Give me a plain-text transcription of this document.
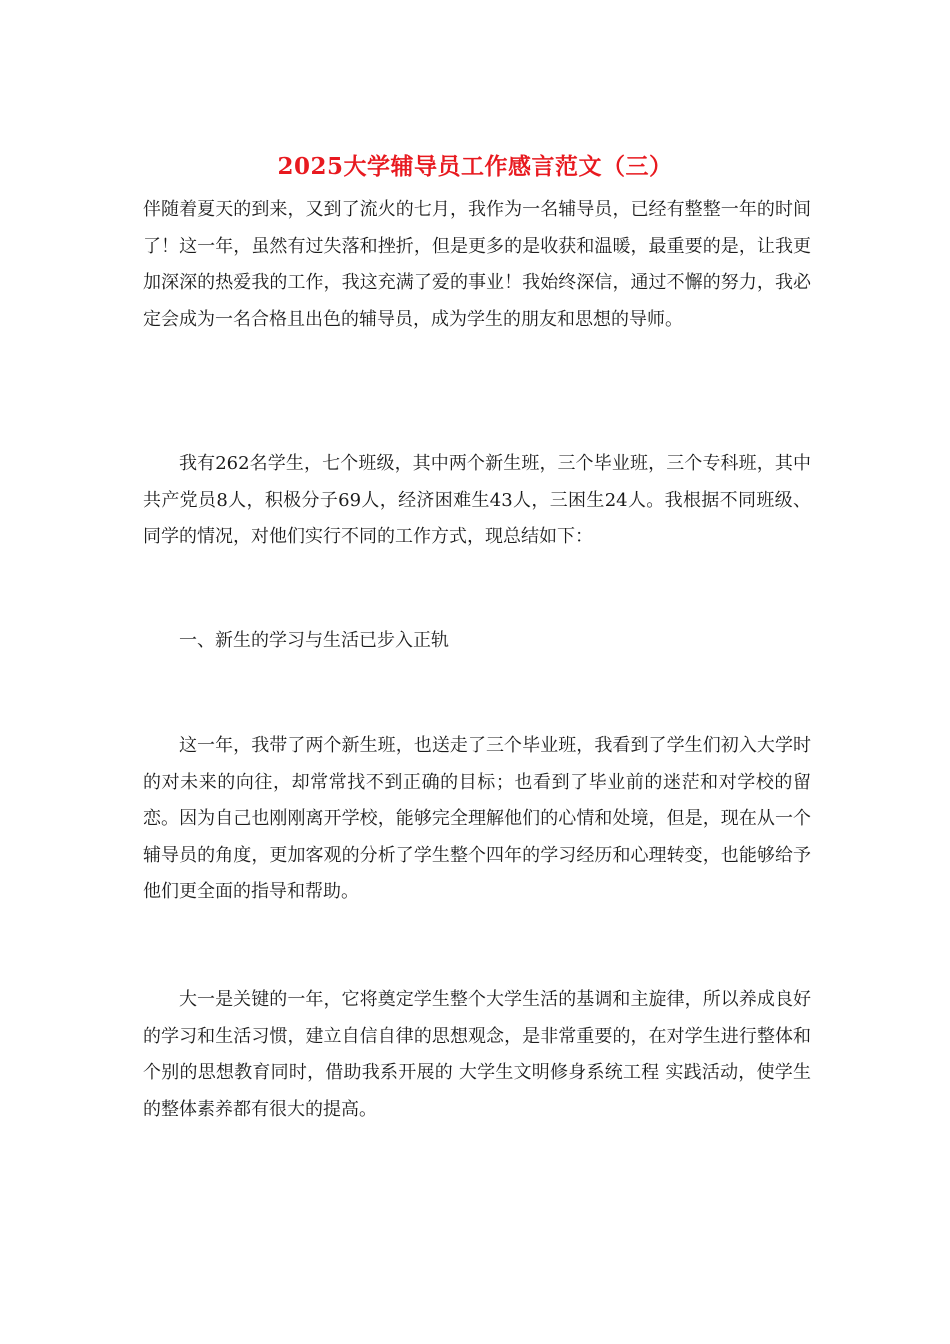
2025大学辅导员工作感言范文（三）

伴随着夏天的到来，又到了流火的七月，我作为一名辅导员，已经有整整一年的时间了！这一年，虽然有过失落和挫折，但是更多的是收获和温暖，最重要的是，让我更加深深的热爱我的工作，我这充满了爱的事业！我始终深信，通过不懈的努力，我必定会成为一名合格且出色的辅导员，成为学生的朋友和思想的导师。

我有262名学生，七个班级，其中两个新生班，三个毕业班，三个专科班，其中共产党员8人，积极分子69人，经济困难生43人，三困生24人。我根据不同班级、同学的情况，对他们实行不同的工作方式，现总结如下：

一、新生的学习与生活已步入正轨

这一年，我带了两个新生班，也送走了三个毕业班，我看到了学生们初入大学时的对未来的向往，却常常找不到正确的目标；也看到了毕业前的迷茫和对学校的留恋。因为自己也刚刚离开学校，能够完全理解他们的心情和处境，但是，现在从一个辅导员的角度，更加客观的分析了学生整个四年的学习经历和心理转变，也能够给予他们更全面的指导和帮助。

大一是关键的一年，它将奠定学生整个大学生活的基调和主旋律，所以养成良好的学习和生活习惯，建立自信自律的思想观念，是非常重要的，在对学生进行整体和个别的思想教育同时，借助我系开展的 大学生文明修身系统工程 实践活动，使学生的整体素养都有很大的提高。
